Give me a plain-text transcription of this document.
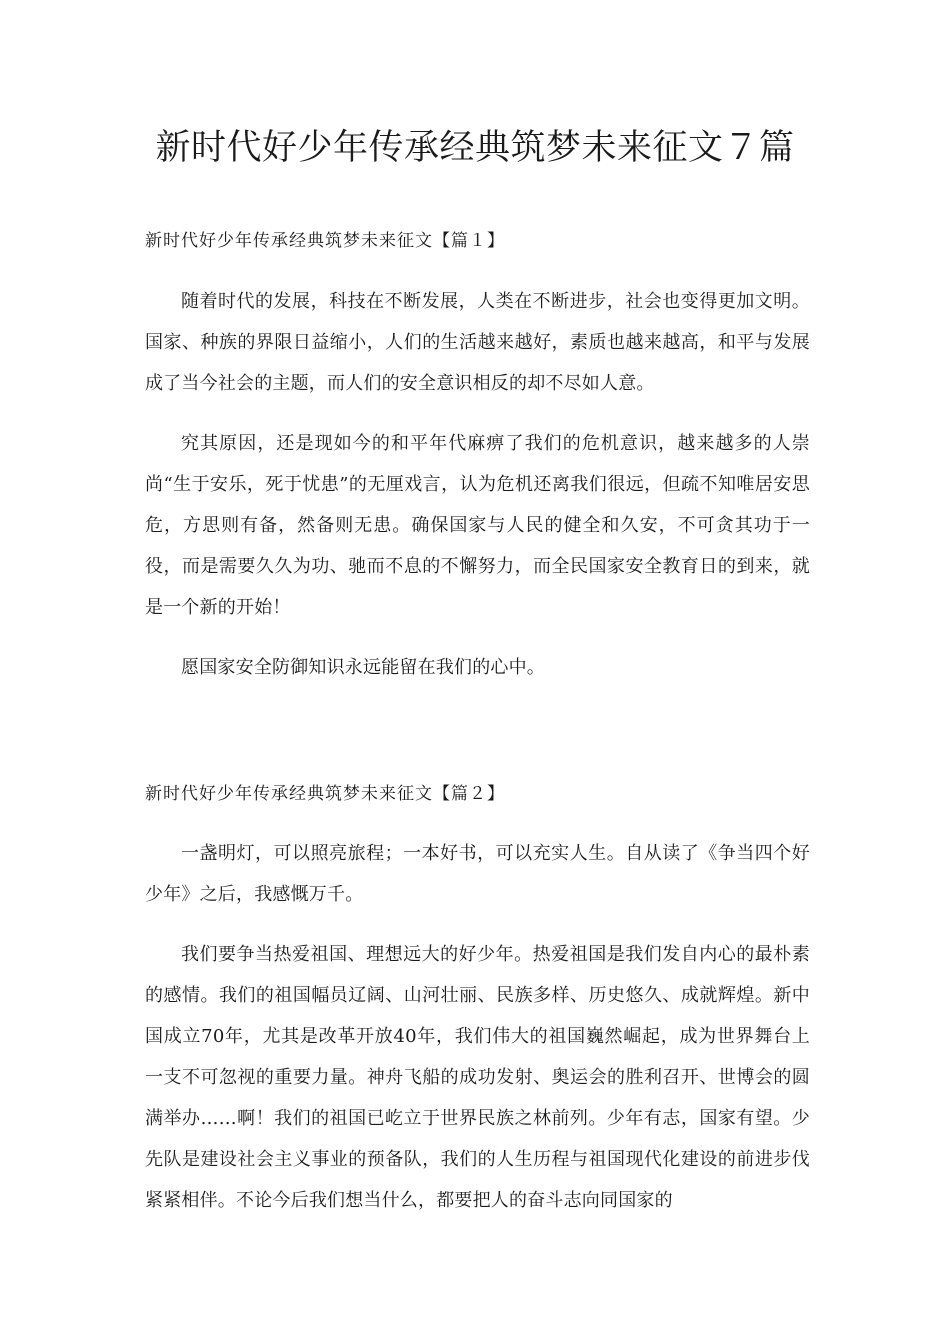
新时代好少年传承经典筑梦未来征文７篇
新时代好少年传承经典筑梦未来征文【篇１】

随着时代的发展，科技在不断发展，人类在不断进步，社会也变得更加文明。国家、种族的界限日益缩小，人们的生活越来越好，素质也越来越高，和平与发展成了当今社会的主题，而人们的安全意识相反的却不尽如人意。

究其原因，还是现如今的和平年代麻痹了我们的危机意识，越来越多的人崇尚“生于安乐，死于忧患”的无厘戏言，认为危机还离我们很远，但疏不知唯居安思危，方思则有备，然备则无患。确保国家与人民的健全和久安，不可贪其功于一役，而是需要久久为功、驰而不息的不懈努力，而全民国家安全教育日的到来，就是一个新的开始！

愿国家安全防御知识永远能留在我们的心中。

新时代好少年传承经典筑梦未来征文【篇２】

一盏明灯，可以照亮旅程；一本好书，可以充实人生。自从读了《争当四个好少年》之后，我感慨万千。

我们要争当热爱祖国、理想远大的好少年。热爱祖国是我们发自内心的最朴素的感情。我们的祖国幅员辽阔、山河壮丽、民族多样、历史悠久、成就辉煌。新中国成立70年，尤其是改革开放40年，我们伟大的祖国巍然崛起，成为世界舞台上一支不可忽视的重要力量。神舟飞船的成功发射、奥运会的胜利召开、世博会的圆满举办……啊！我们的祖国已屹立于世界民族之林前列。少年有志，国家有望。少先队是建设社会主义事业的预备队，我们的人生历程与祖国现代化建设的前进步伐紧紧相伴。不论今后我们想当什么，都要把人的奋斗志向同国家的
